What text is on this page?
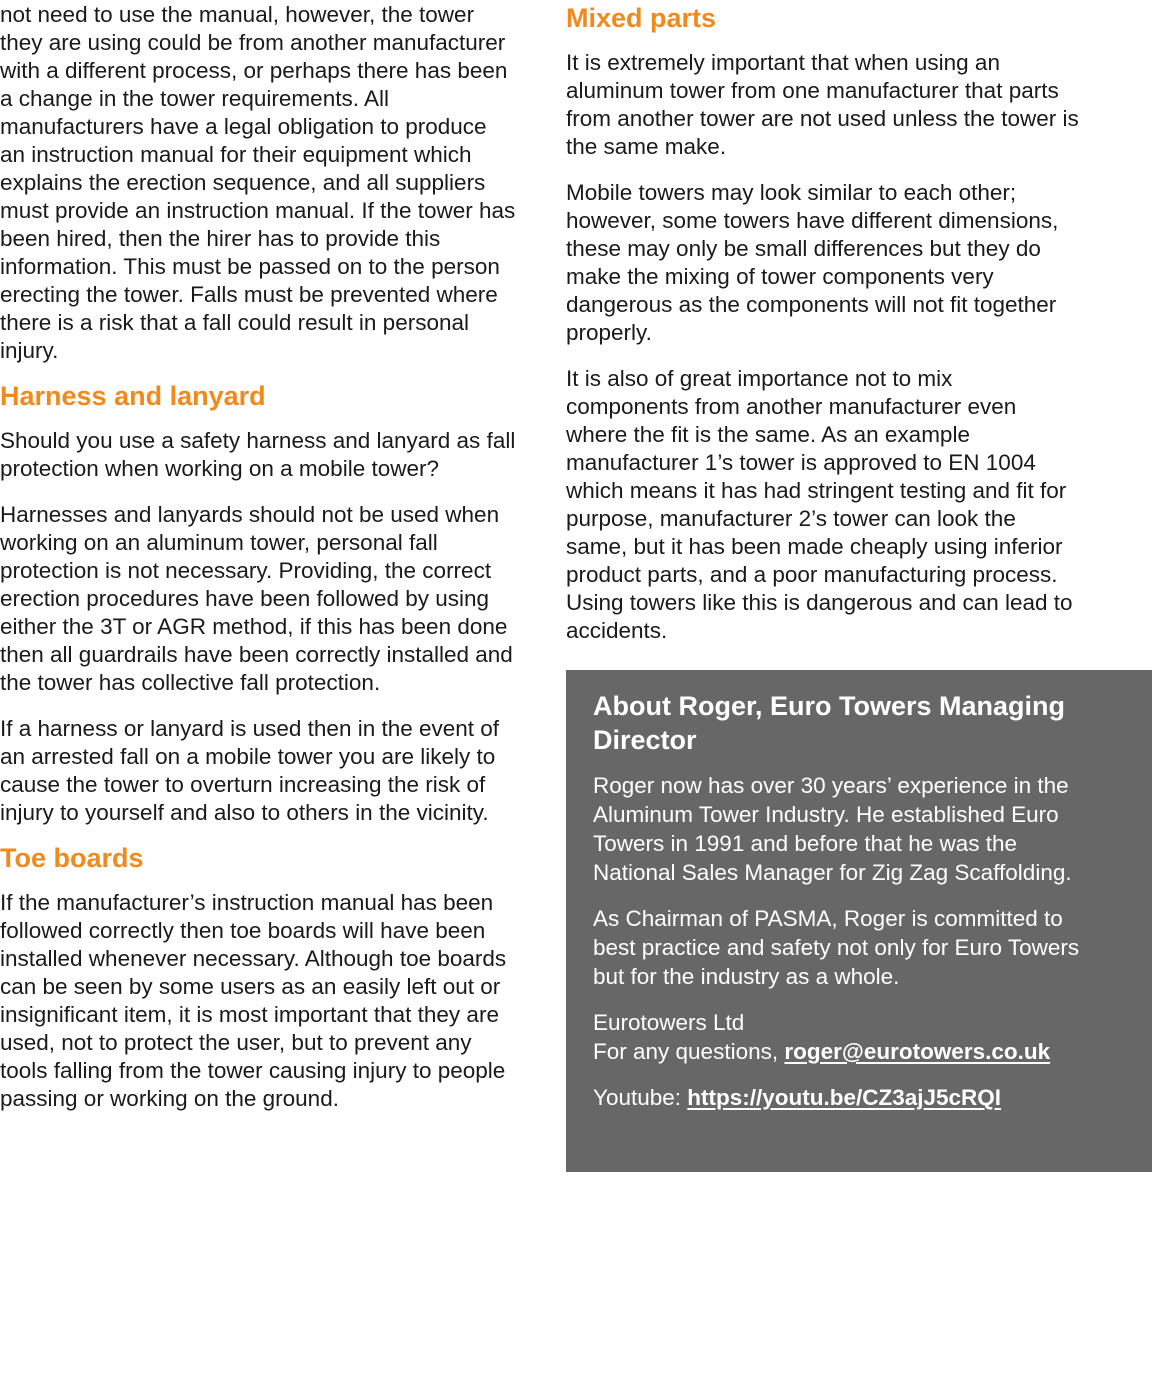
not need to use the manual, however, the tower they are using could be from another manufacturer with a different process, or perhaps there has been a change in the tower requirements. All manufacturers have a legal obligation to produce an instruction manual for their equipment which explains the erection sequence, and all suppliers must provide an instruction manual. If the tower has been hired, then the hirer has to provide this information. This must be passed on to the person erecting the tower. Falls must be prevented where there is a risk that a fall could result in personal injury.

Harness and lanyard

Should you use a safety harness and lanyard as fall protection when working on a mobile tower?

Harnesses and lanyards should not be used when working on an aluminum tower, personal fall protection is not necessary. Providing, the correct erection procedures have been followed by using either the 3T or AGR method, if this has been done then all guardrails have been correctly installed and the tower has collective fall protection.

If a harness or lanyard is used then in the event of an arrested fall on a mobile tower you are likely to cause the tower to overturn increasing the risk of injury to yourself and also to others in the vicinity.

Toe boards

If the manufacturer’s instruction manual has been followed correctly then toe boards will have been installed whenever necessary. Although toe boards can be seen by some users as an easily left out or insignificant item, it is most important that they are used, not to protect the user, but to prevent any tools falling from the tower causing injury to people passing or working on the ground.

Mixed parts

It is extremely important that when using an aluminum tower from one manufacturer that parts from another tower are not used unless the tower is the same make.

Mobile towers may look similar to each other; however, some towers have different dimensions, these may only be small differences but they do make the mixing of tower components very dangerous as the components will not fit together properly.

It is also of great importance not to mix components from another manufacturer even where the fit is the same. As an example manufacturer 1’s tower is approved to EN 1004 which means it has had stringent testing and fit for purpose, manufacturer 2’s tower can look the same, but it has been made cheaply using inferior product parts, and a poor manufacturing process. Using towers like this is dangerous and can lead to accidents.

About Roger, Euro Towers Managing Director

Roger now has over 30 years’ experience in the Aluminum Tower Industry. He established Euro Towers in 1991 and before that he was the National Sales Manager for Zig Zag Scaffolding.

As Chairman of PASMA, Roger is committed to best practice and safety not only for Euro Towers but for the industry as a whole.

Eurotowers Ltd
For any questions, roger@eurotowers.co.uk

Youtube: https://youtu.be/CZ3ajJ5cRQI
